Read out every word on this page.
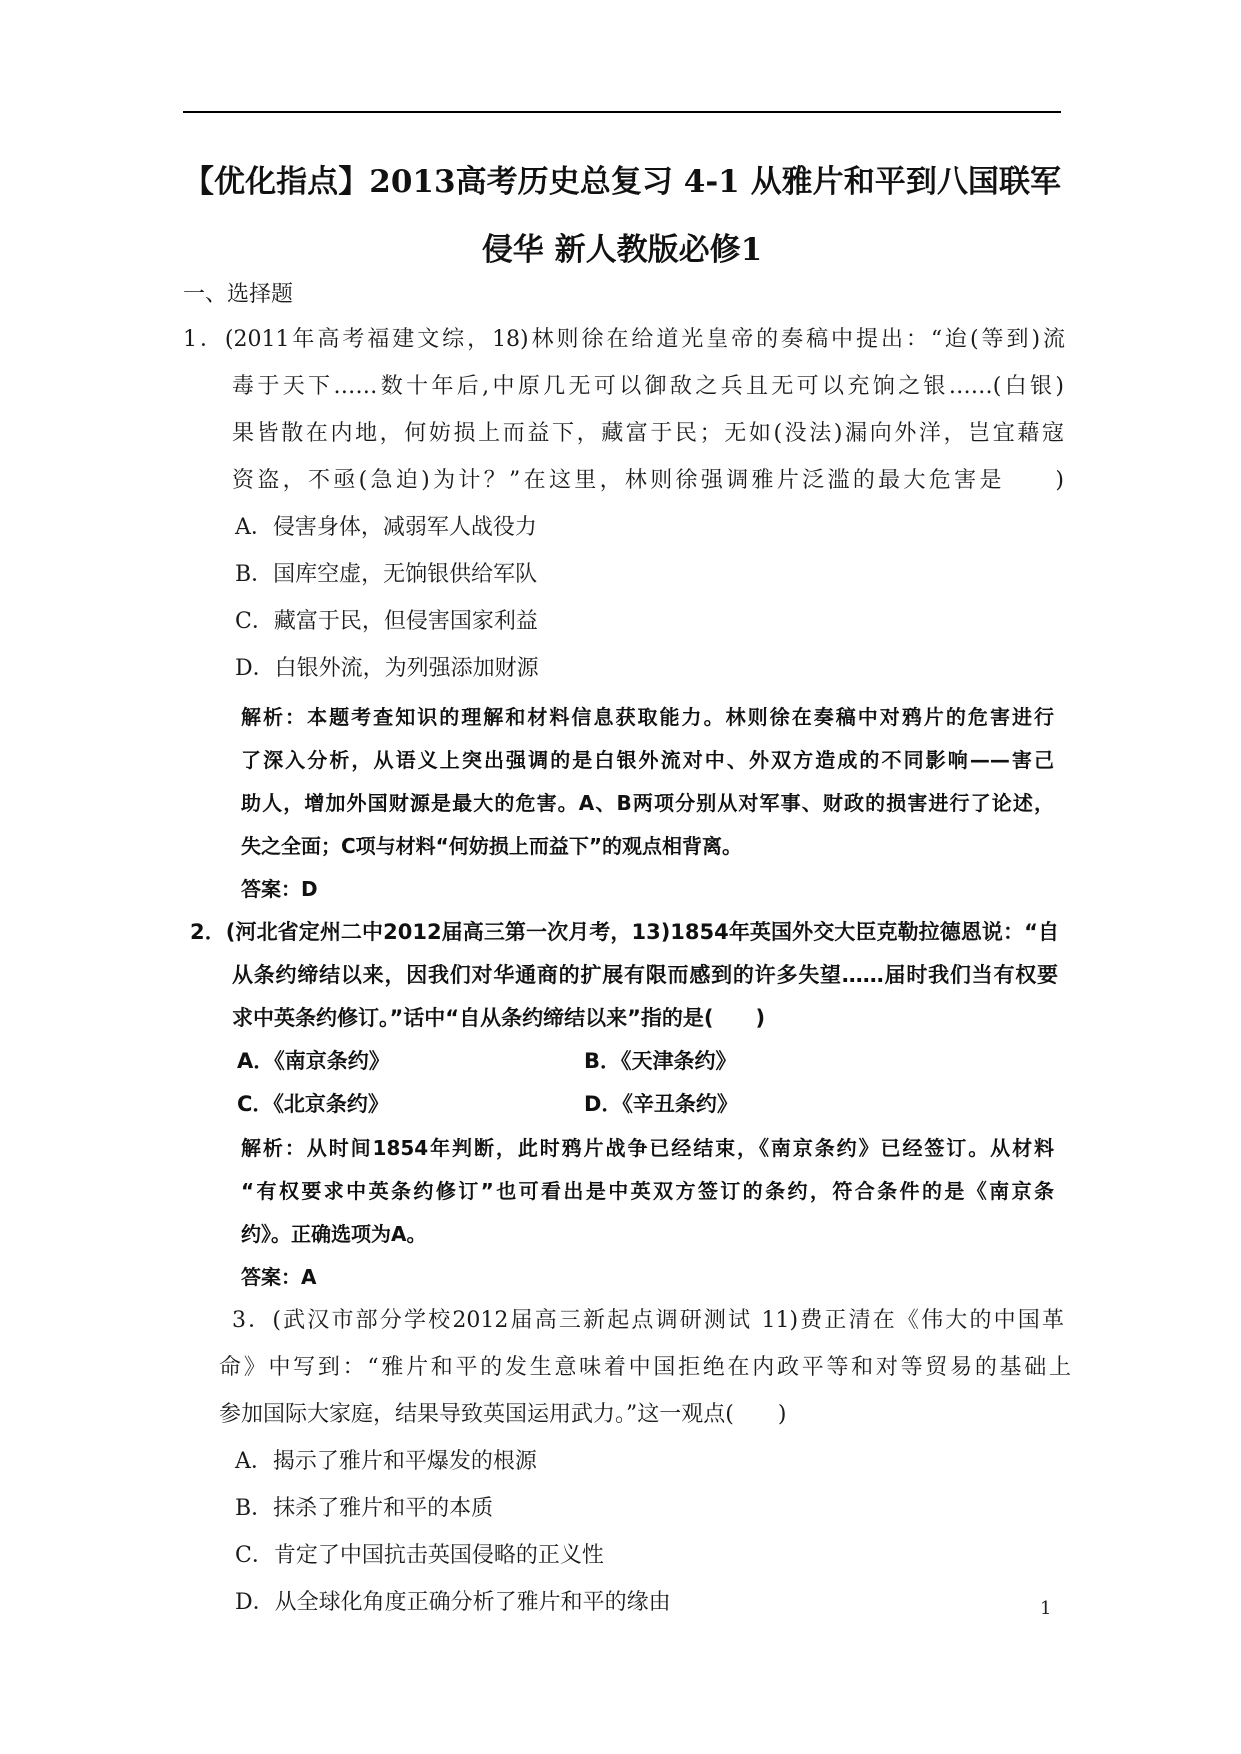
【优化指点】2013高考历史总复习 4-1 从雅片和平到八国联军
侵华 新人教版必修1
一、选择题
1．(2011年高考福建文综，18)林则徐在给道光皇帝的奏稿中提出：“迨(等到)流
毒于天下……数十年后,中原几无可以御敌之兵且无可以充饷之银……(白银)
果皆散在内地，何妨损上而益下，藏富于民；无如(没法)漏向外洋，岂宜藉寇
资盗，不亟(急迫)为计？”在这里，林则徐强调雅片泛滥的最大危害是　　)
A．侵害身体，减弱军人战役力
B．国库空虚，无饷银供给军队
C．藏富于民，但侵害国家利益
D．白银外流，为列强添加财源
解析：本题考查知识的理解和材料信息获取能力。林则徐在奏稿中对鸦片的危害进行
了深入分析，从语义上突出强调的是白银外流对中、外双方造成的不同影响——害己
助人，增加外国财源是最大的危害。A、B两项分别从对军事、财政的损害进行了论述，
失之全面；C项与材料“何妨损上而益下”的观点相背离。
答案：D
2．(河北省定州二中2012届高三第一次月考，13)1854年英国外交大臣克勒拉德恩说：“自
从条约缔结以来，因我们对华通商的扩展有限而感到的许多失望……届时我们当有权要
求中英条约修订。”话中“自从条约缔结以来”指的是(　　)
A．《南京条约》	B．《天津条约》
C．《北京条约》	D．《辛丑条约》
解析：从时间1854年判断，此时鸦片战争已经结束，《南京条约》已经签订。从材料
“有权要求中英条约修订”也可看出是中英双方签订的条约，符合条件的是《南京条
约》。正确选项为A。
答案：A
3．(武汉市部分学校2012届高三新起点调研测试 11)费正清在《伟大的中国革
命》中写到：“雅片和平的发生意味着中国拒绝在内政平等和对等贸易的基础上
参加国际大家庭，结果导致英国运用武力。”这一观点(　　)
A．揭示了雅片和平爆发的根源
B．抹杀了雅片和平的本质
C．肯定了中国抗击英国侵略的正义性
D．从全球化角度正确分析了雅片和平的缘由	1
